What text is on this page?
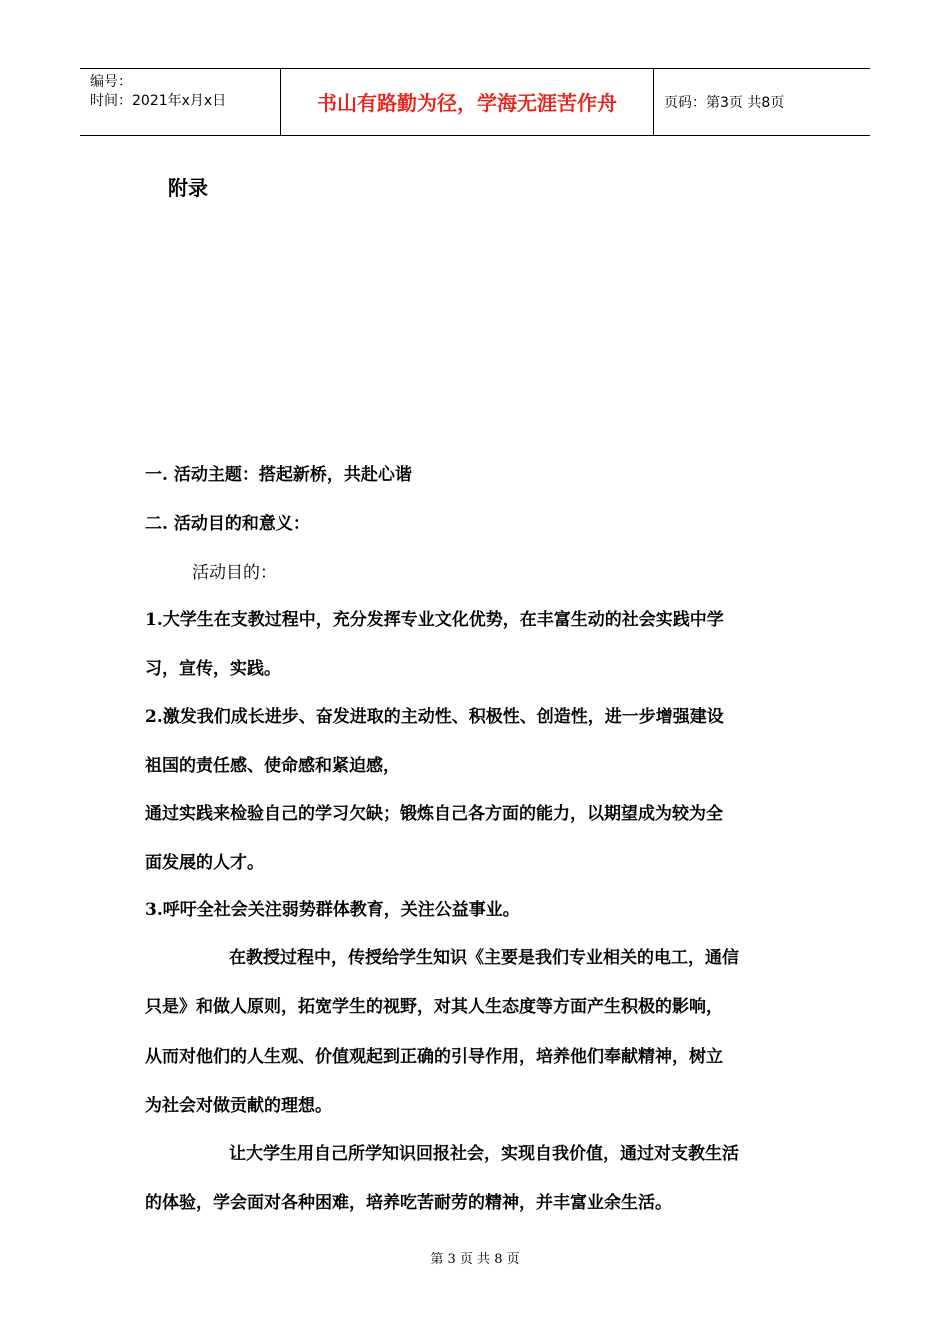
编号：
时间：2021年x月x日	书山有路勤为径，学海无涯苦作舟	页码：第3页 共8页
附录
一. 活动主题：搭起新桥，共赴心谐
二. 活动目的和意义：
活动目的：
1.大学生在支教过程中，充分发挥专业文化优势，在丰富生动的社会实践中学
习，宣传，实践。
2.激发我们成长进步、奋发进取的主动性、积极性、创造性，进一步增强建设
祖国的责任感、使命感和紧迫感，
通过实践来检验自己的学习欠缺；锻炼自己各方面的能力，以期望成为较为全
面发展的人才。
3.呼吁全社会关注弱势群体教育，关注公益事业。
在教授过程中，传授给学生知识《主要是我们专业相关的电工，通信
只是》和做人原则，拓宽学生的视野，对其人生态度等方面产生积极的影响，
从而对他们的人生观、价值观起到正确的引导作用，培养他们奉献精神，树立
为社会对做贡献的理想。
让大学生用自己所学知识回报社会，实现自我价值，通过对支教生活
的体验，学会面对各种困难，培养吃苦耐劳的精神，并丰富业余生活。
第 3 页 共 8 页
